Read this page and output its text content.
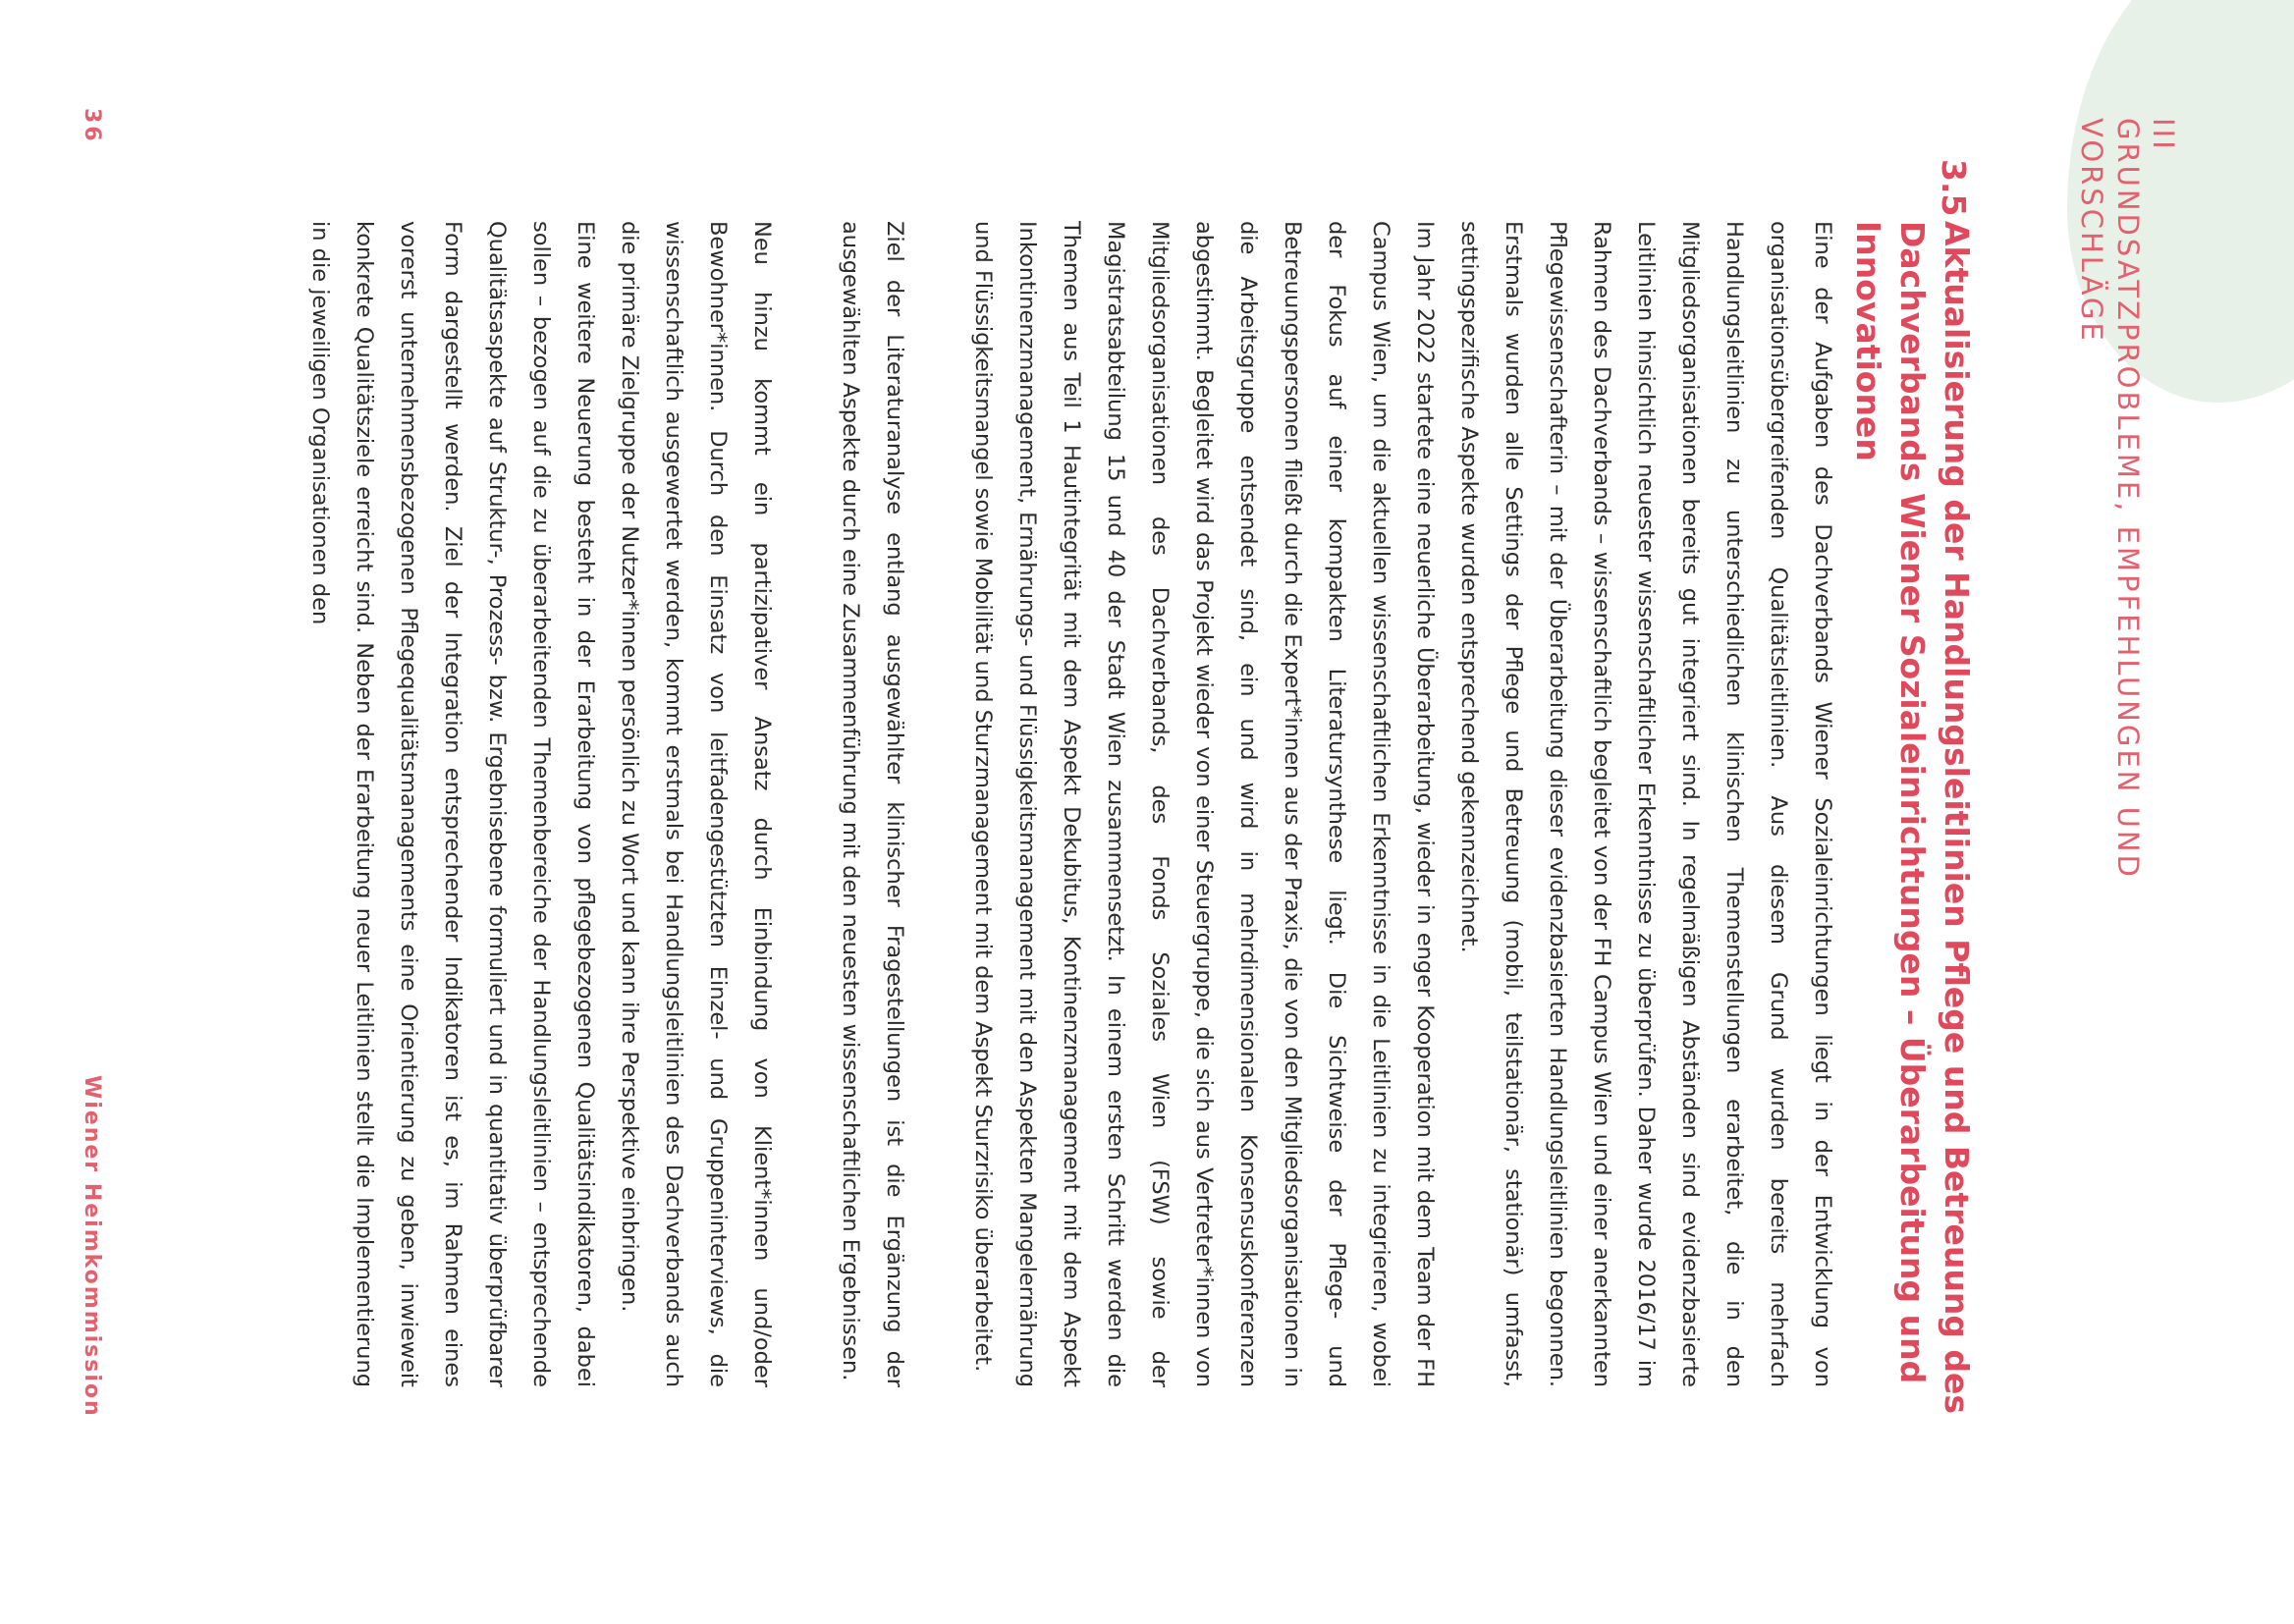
III
GRUNDSATZPROBLEME, EMPFEHLUNGEN UND VORSCHLÄGE
3.5
Aktualisierung der Handlungsleitlinien Pflege und Betreuung des Dachverbands Wiener Sozialeinrichtungen – Überarbeitung und Innovationen

Eine der Aufgaben des Dachverbands Wiener Sozialeinrichtungen liegt in der Entwicklung von organisationsübergreifenden Qualitätsleitlinien. Aus diesem Grund wurden bereits mehrfach Handlungsleitlinien zu unterschiedlichen klinischen Themenstellungen erarbeitet, die in den Mitgliedsorganisationen bereits gut integriert sind. In regelmäßigen Abständen sind evidenzbasierte Leitlinien hinsichtlich neuester wissenschaftlicher Erkenntnisse zu überprüfen. Daher wurde 2016/17 im Rahmen des Dachverbands – wissenschaftlich begleitet von der FH Campus Wien und einer anerkannten Pflegewissenschafterin – mit der Überarbeitung dieser evidenzbasierten Handlungsleitlinien begonnen. Erstmals wurden alle Settings der Pflege und Betreuung (mobil, teilstationär, stationär) umfasst, settingspezifische Aspekte wurden entsprechend gekennzeichnet.

Im Jahr 2022 startete eine neuerliche Überarbeitung, wieder in enger Kooperation mit dem Team der FH Campus Wien, um die aktuellen wissenschaftlichen Erkenntnisse in die Leitlinien zu integrieren, wobei der Fokus auf einer kompakten Literatursynthese liegt. Die Sichtweise der Pflege- und Betreuungspersonen fließt durch die Expert*innen aus der Praxis, die von den Mitgliedsorganisationen in die Arbeitsgruppe entsendet sind, ein und wird in mehrdimensionalen Konsensuskonferenzen abgestimmt. Begleitet wird das Projekt wieder von einer Steuergruppe, die sich aus Vertreter*innen von Mitgliedsorganisationen des Dachverbands, des Fonds Soziales Wien (FSW) sowie der Magistratsabteilung 15 und 40 der Stadt Wien zusammensetzt. In einem ersten Schritt werden die Themen aus Teil 1 Hautintegrität mit dem Aspekt Dekubitus, Kontinenzmanagement mit dem Aspekt Inkontinenzmanagement, Ernährungs- und Flüssigkeitsmanagement mit den Aspekten Mangelernährung und Flüssigkeitsmangel sowie Mobilität und Sturzmanagement mit dem Aspekt Sturzrisiko überarbeitet.

Ziel der Literaturanalyse entlang ausgewählter klinischer Fragestellungen ist die Ergänzung der ausgewählten Aspekte durch eine Zusammenführung mit den neuesten wissenschaftlichen Ergebnissen.

Neu hinzu kommt ein partizipativer Ansatz durch Einbindung von Klient*innen und/oder Bewohner*innen. Durch den Einsatz von leitfadengestützten Einzel- und Gruppeninterviews, die wissenschaftlich ausgewertet werden, kommt erstmals bei Handlungsleitlinien des Dachverbands auch die primäre Zielgruppe der Nutzer*innen persönlich zu Wort und kann ihre Perspektive einbringen.

Eine weitere Neuerung besteht in der Erarbeitung von pflegebezogenen Qualitätsindikatoren, dabei sollen – bezogen auf die zu überarbeitenden Themenbereiche der Handlungsleitlinien – entsprechende Qualitätsaspekte auf Struktur-, Prozess- bzw. Ergebnisebene formuliert und in quantitativ überprüfbarer Form dargestellt werden. Ziel der Integration entsprechender Indikatoren ist es, im Rahmen eines vorerst unternehmensbezogenen Pflegequalitätsmanagements eine Orientierung zu geben, inwieweit konkrete Qualitätsziele erreicht sind. Neben der Erarbeitung neuer Leitlinien stellt die Implementierung in die jeweiligen Organisationen den

36
Wiener Heimkommission
